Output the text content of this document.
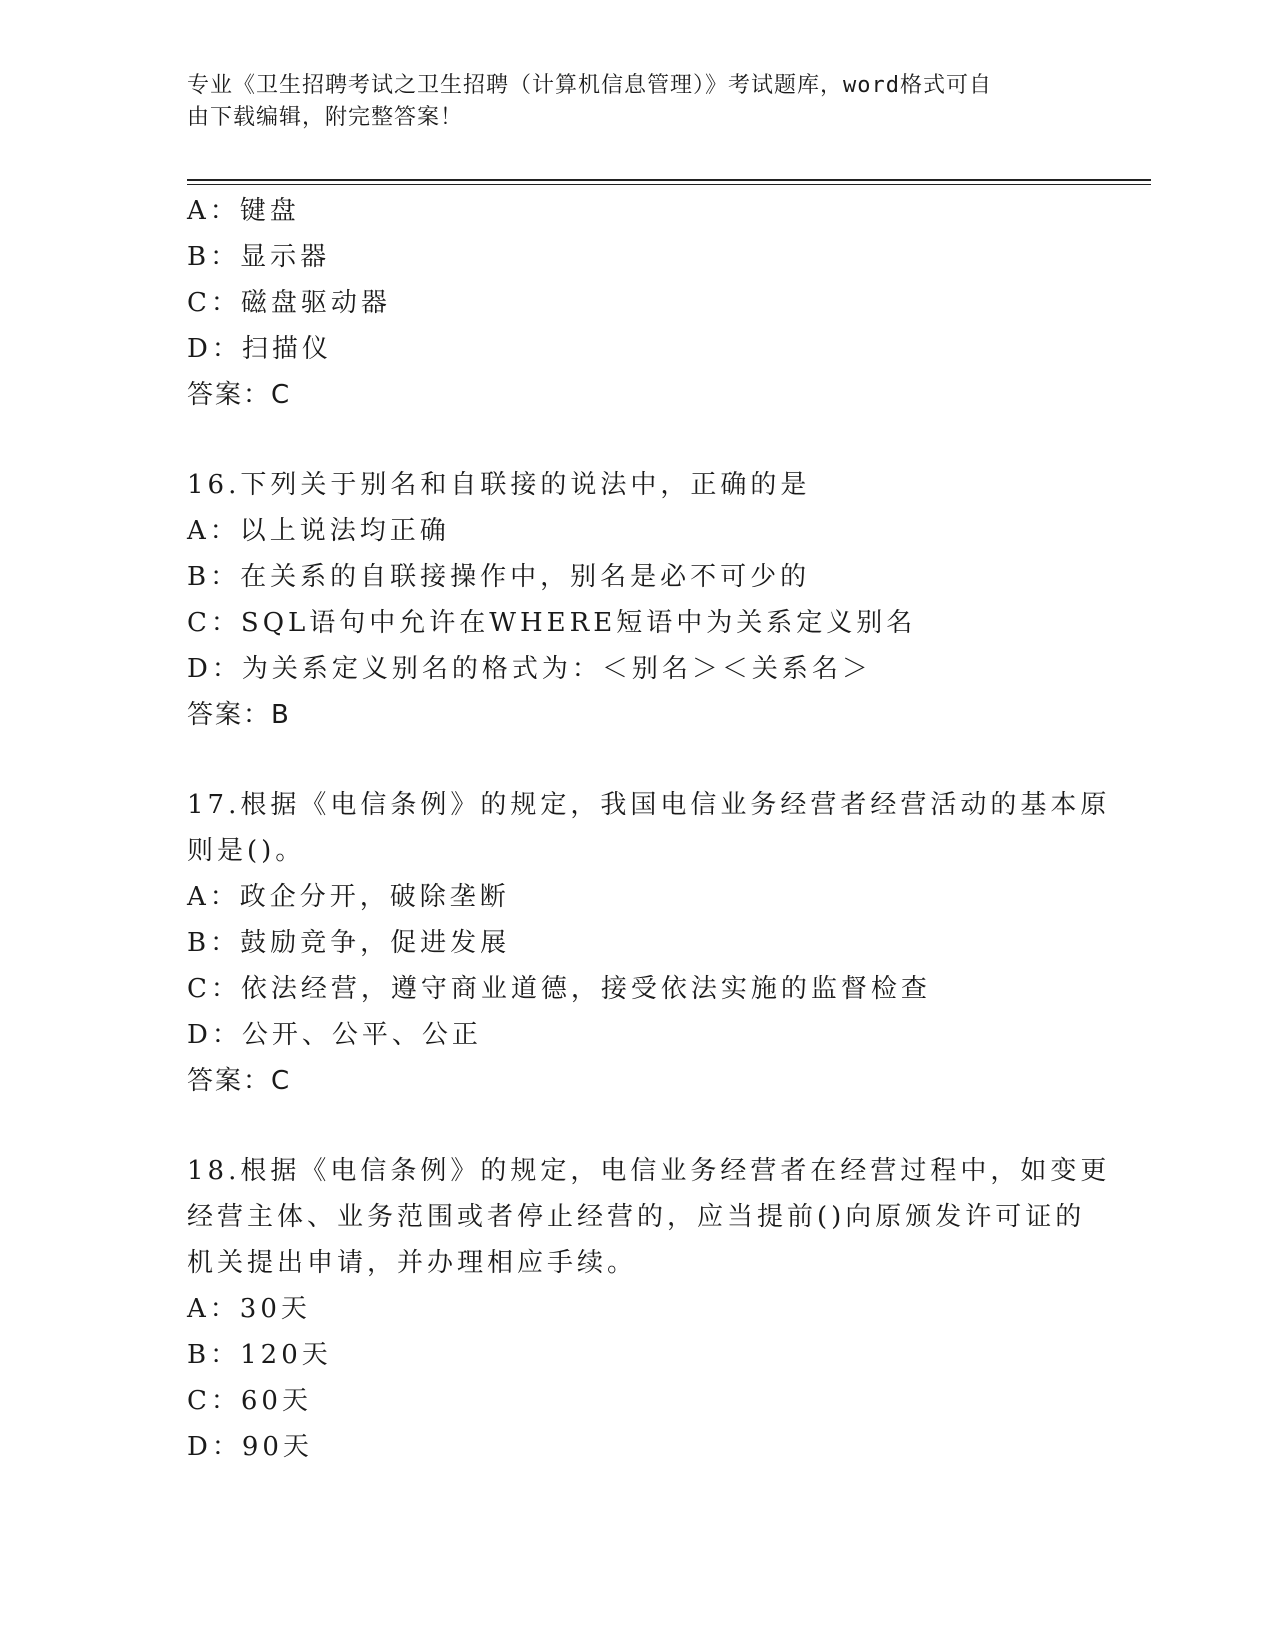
专业《卫生招聘考试之卫生招聘（计算机信息管理）》考试题库，word格式可自
由下载编辑，附完整答案！
A：键盘
B：显示器
C：磁盘驱动器
D：扫描仪
答案：C
16.下列关于别名和自联接的说法中，正确的是
A：以上说法均正确
B：在关系的自联接操作中，别名是必不可少的
C：SQL语句中允许在WHERE短语中为关系定义别名
D：为关系定义别名的格式为：＜别名＞＜关系名＞
答案：B
17.根据《电信条例》的规定，我国电信业务经营者经营活动的基本原
则是()。
A：政企分开，破除垄断
B：鼓励竞争，促进发展
C：依法经营，遵守商业道德，接受依法实施的监督检查
D：公开、公平、公正
答案：C
18.根据《电信条例》的规定，电信业务经营者在经营过程中，如变更
经营主体、业务范围或者停止经营的，应当提前()向原颁发许可证的
机关提出申请，并办理相应手续。
A：30天
B：120天
C：60天
D：90天
